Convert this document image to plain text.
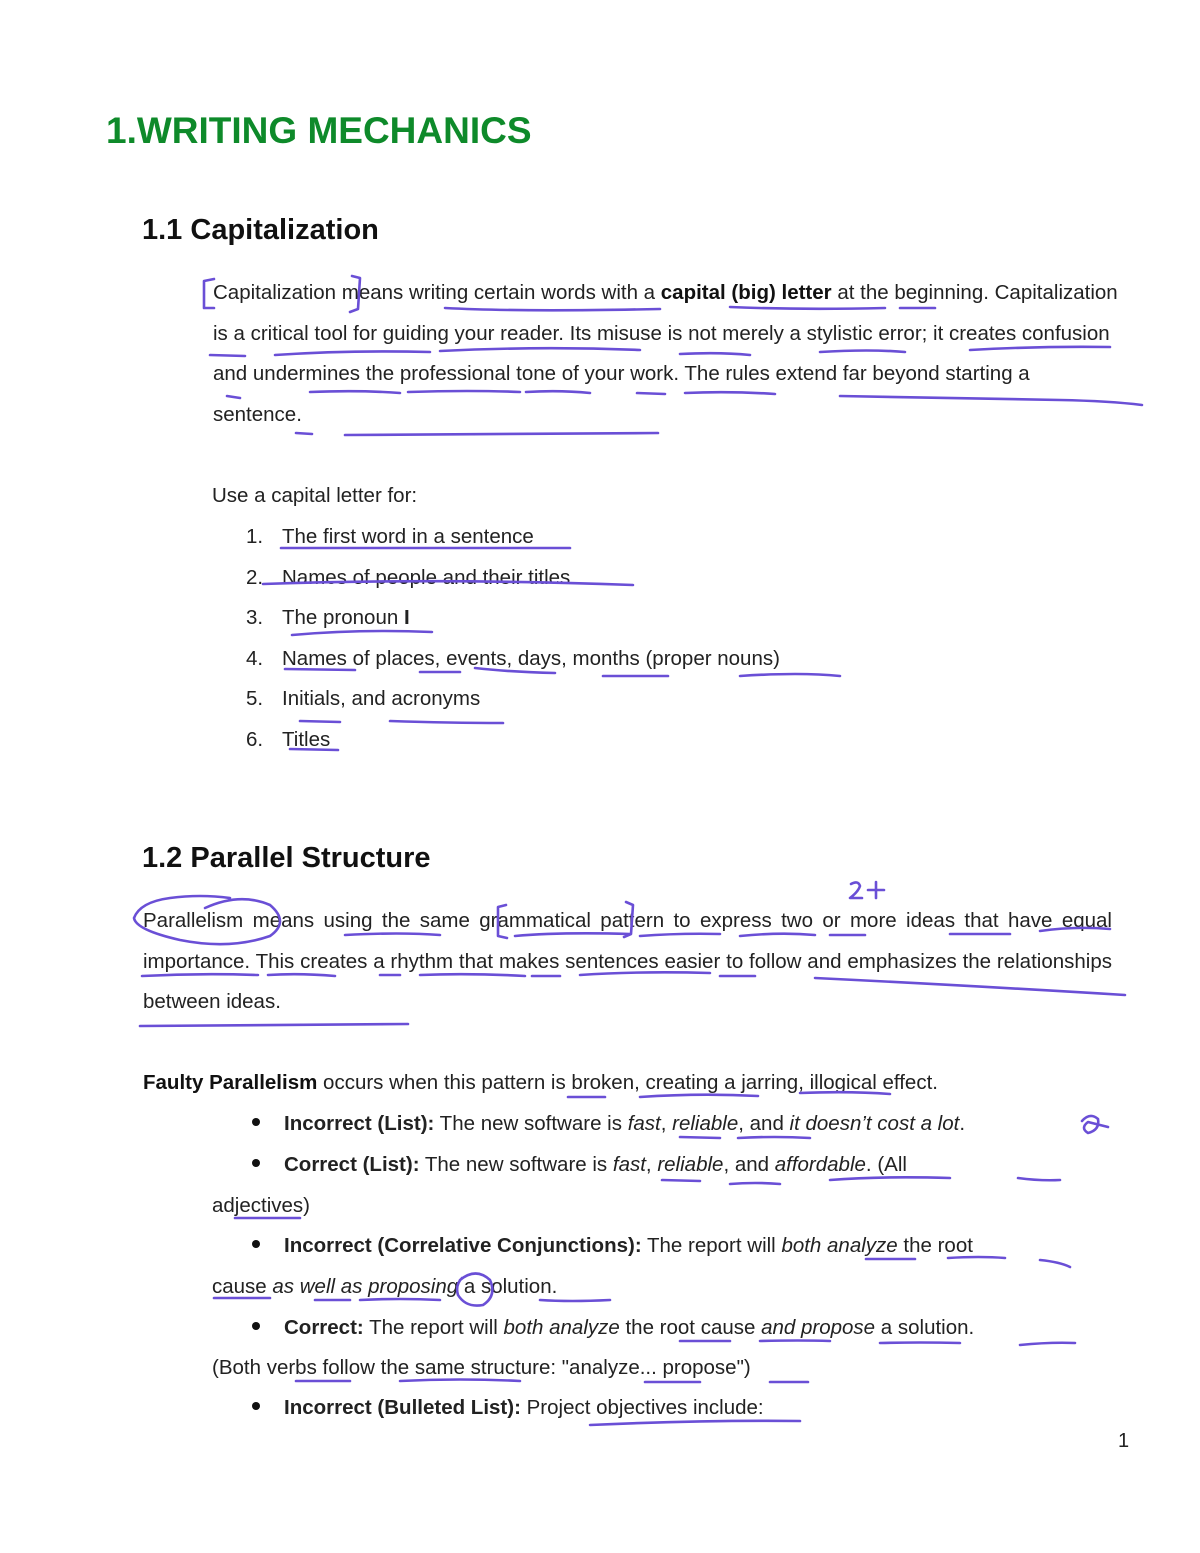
1.WRITING MECHANICS
1.1 Capitalization
Capitalization means writing certain words with a capital (big) letter at the beginning. Capitalization is a critical tool for guiding your reader. Its misuse is not merely a stylistic error; it creates confusion and undermines the professional tone of your work. The rules extend far beyond starting a sentence.
Use a capital letter for:
1. The first word in a sentence
2. Names of people and their titles
3. The pronoun I
4. Names of places, events, days, months (proper nouns)
5. Initials, and acronyms
6. Titles
1.2 Parallel Structure
Parallelism means using the same grammatical pattern to express two or more ideas that have equal importance. This creates a rhythm that makes sentences easier to follow and emphasizes the relationships between ideas.
Faulty Parallelism occurs when this pattern is broken, creating a jarring, illogical effect.
Incorrect (List): The new software is fast, reliable, and it doesn’t cost a lot.
Correct (List): The new software is fast, reliable, and affordable. (All
adjectives)
Incorrect (Correlative Conjunctions): The report will both analyze the root
cause as well as proposing a solution.
Correct: The report will both analyze the root cause and propose a solution.
(Both verbs follow the same structure: "analyze... propose")
Incorrect (Bulleted List): Project objectives include:
1
